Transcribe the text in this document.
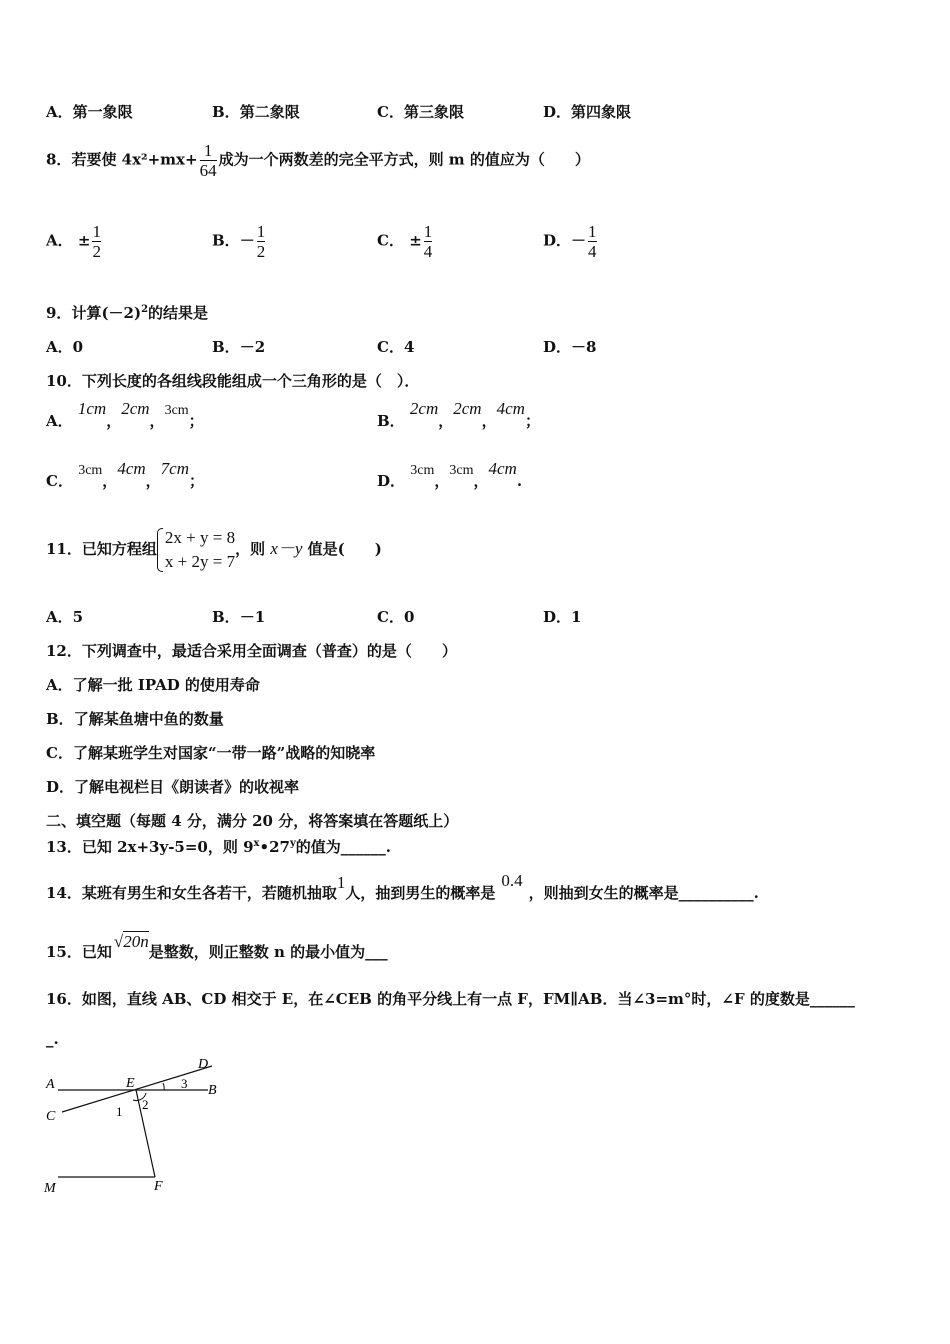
A．第一象限	B．第二象限	C．第三象限	D．第四象限
8．若要使 $4x^2+mx+ \frac{1}{64}$ 成为一个两数差的完全平方式，则 m 的值应为（　　）
A． ± $\frac{1}{2}$	B．－ $\frac{1}{2}$	C． ± $\frac{1}{4}$	D．－ $\frac{1}{4}$
9．计算$(-2)^2$的结果是
A．0	B．－2	C．4	D．－8
10．下列长度的各组线段能组成一个三角形的是（　）．
A． 1cm，2cm，3cm；	B． 2cm，2cm，4cm；
C． 3cm，4cm，7cm；	D． 3cm，3cm，4cm.
11．已知方程组
2x + y = 8
x + 2y = 7
，则 x－y 值是(　　)
A．5	B．－1	C．0	D．1
12．下列调查中，最适合采用全面调查（普查）的是（　　）
A．了解一批 IPAD 的使用寿命
B．了解某鱼塘中鱼的数量
C．了解某班学生对国家“一带一路”战略的知晓率
D．了解电视栏目《朗读者》的收视率
二、填空题（每题 4 分，满分 20 分，将答案填在答题纸上）
13．已知 2x+3y-5=0，则 9$^x$•27$^y$的值为______.
14．某班有男生和女生各若干，若随机抽取1人，抽到男生的概率是0.4，则抽到女生的概率是__________.
15．已知√20n是整数，则正整数 n 的最小值为___
16．如图，直线 AB、CD 相交于 E，在∠CEB 的角平分线上有一点 F，FM∥AB．当∠3=m°时，∠F 的度数是______
_.
A	B
C
D
E
F
M
1 2
3
